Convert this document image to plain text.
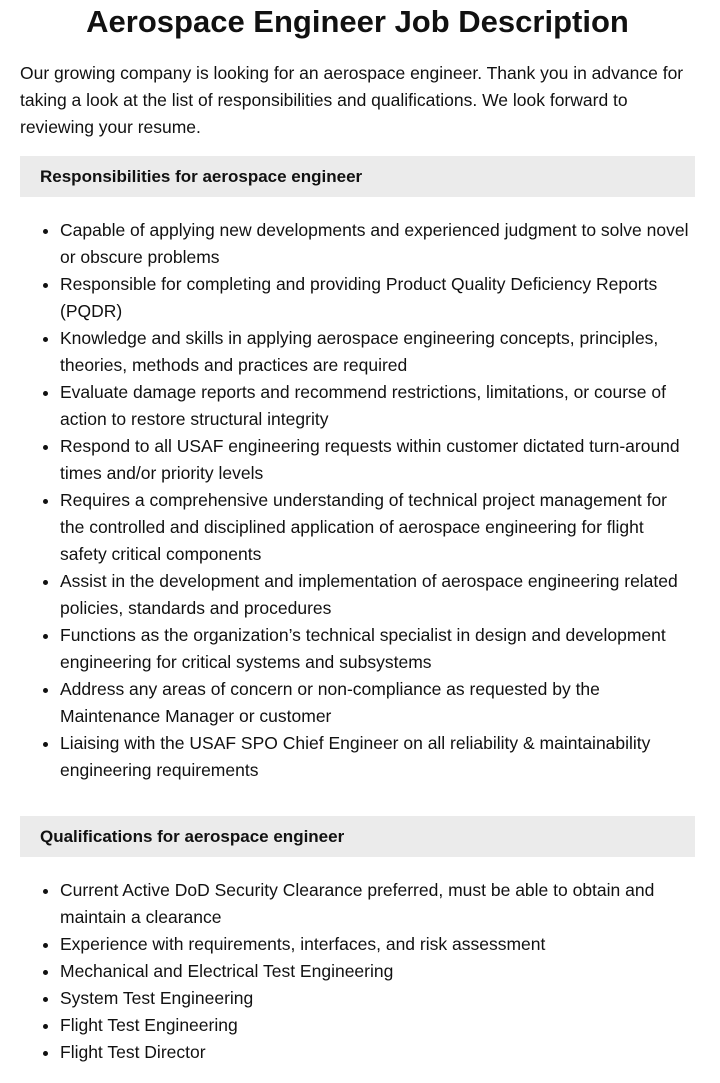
Aerospace Engineer Job Description

Our growing company is looking for an aerospace engineer. Thank you in advance for taking a look at the list of responsibilities and qualifications. We look forward to reviewing your resume.

Responsibilities for aerospace engineer
• Capable of applying new developments and experienced judgment to solve novel or obscure problems
• Responsible for completing and providing Product Quality Deficiency Reports (PQDR)
• Knowledge and skills in applying aerospace engineering concepts, principles, theories, methods and practices are required
• Evaluate damage reports and recommend restrictions, limitations, or course of action to restore structural integrity
• Respond to all USAF engineering requests within customer dictated turn-around times and/or priority levels
• Requires a comprehensive understanding of technical project management for the controlled and disciplined application of aerospace engineering for flight safety critical components
• Assist in the development and implementation of aerospace engineering related policies, standards and procedures
• Functions as the organization’s technical specialist in design and development engineering for critical systems and subsystems
• Address any areas of concern or non-compliance as requested by the Maintenance Manager or customer
• Liaising with the USAF SPO Chief Engineer on all reliability & maintainability engineering requirements
Qualifications for aerospace engineer
• Current Active DoD Security Clearance preferred, must be able to obtain and maintain a clearance
• Experience with requirements, interfaces, and risk assessment
• Mechanical and Electrical Test Engineering
• System Test Engineering
• Flight Test Engineering
• Flight Test Director
